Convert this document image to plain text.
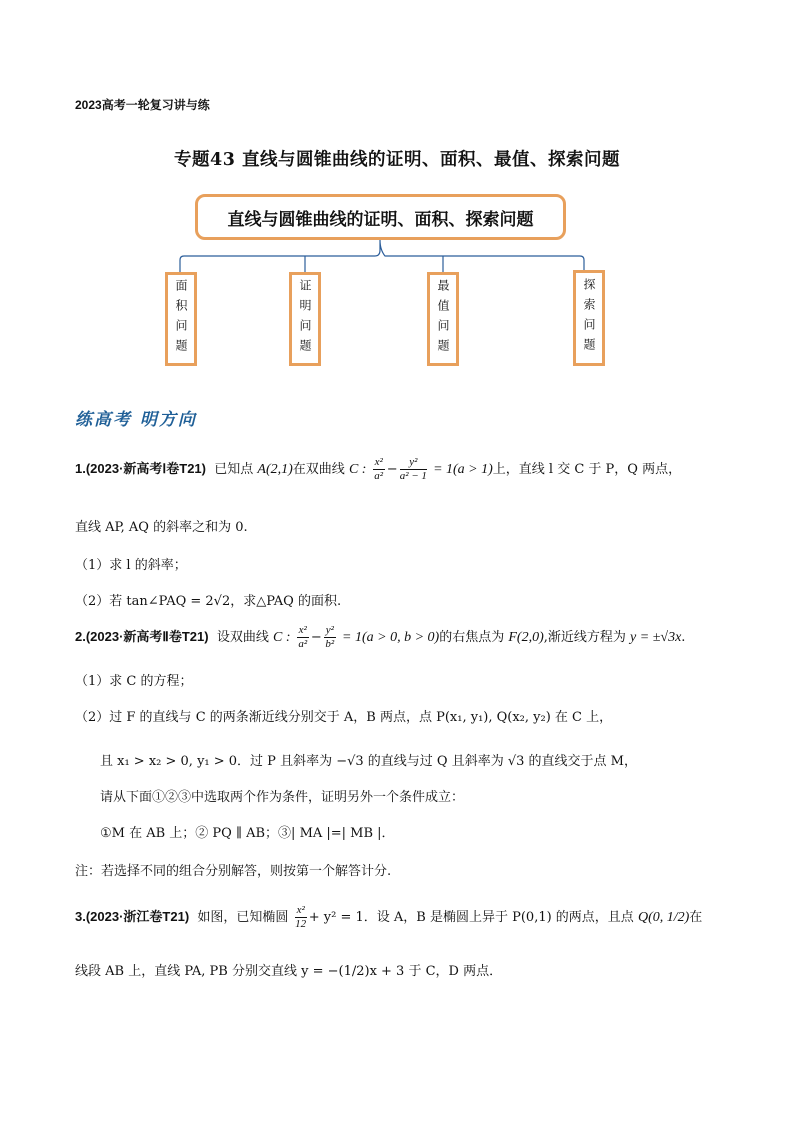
2023高考一轮复习讲与练
专题43 直线与圆锥曲线的证明、面积、最值、探索问题
直线与圆锥曲线的证明、面积、探索问题
面积问题	证明问题	最值问题	探索问题
练高考 明方向
1.(2023·新高考Ⅰ卷T21) 已知点 A(2,1)在双曲线 C : $\frac{\text{x²}}{\text{a²}} - \frac{\text{y²}}{\text{a² − 1}} = 1(a > 1)$上，直线 l 交 C 于 P，Q 两点，
直线 AP, AQ 的斜率之和为 0.
（1）求 l 的斜率；
（2）若 tan∠PAQ = 2√2，求△PAQ 的面积.
2.(2023·新高考Ⅱ卷T21) 设双曲线 C : $\frac{\text{x²}}{\text{a²}} - \frac{\text{y²}}{\text{b²}} = 1(a > 0$, b > 0)的右焦点为 F(2,0),渐近线方程为 y = ±√3x.
（1）求 C 的方程；
（2）过 F 的直线与 C 的两条渐近线分别交于 A，B 两点，点 P(x₁, y₁), Q(x₂, y₂) 在 C 上，
且 x₁ > x₂ > 0, y₁ > 0．过 P 且斜率为 −√3 的直线与过 Q 且斜率为 √3 的直线交于点 M，
请从下面①②③中选取两个作为条件，证明另外一个条件成立：
①M 在 AB 上；② PQ ∥ AB；③| MA |=| MB |．
注：若选择不同的组合分别解答，则按第一个解答计分.
3.(2023·浙江卷T21) 如图，已知椭圆 $\frac{\text{x²}}{12} + y^2 = 1$．设 A，B 是椭圆上异于 P(0,1) 的两点，且点 Q(0, 1/2)在
线段 AB 上，直线 PA, PB 分别交直线 y = −(1/2)x + 3 于 C，D 两点．
